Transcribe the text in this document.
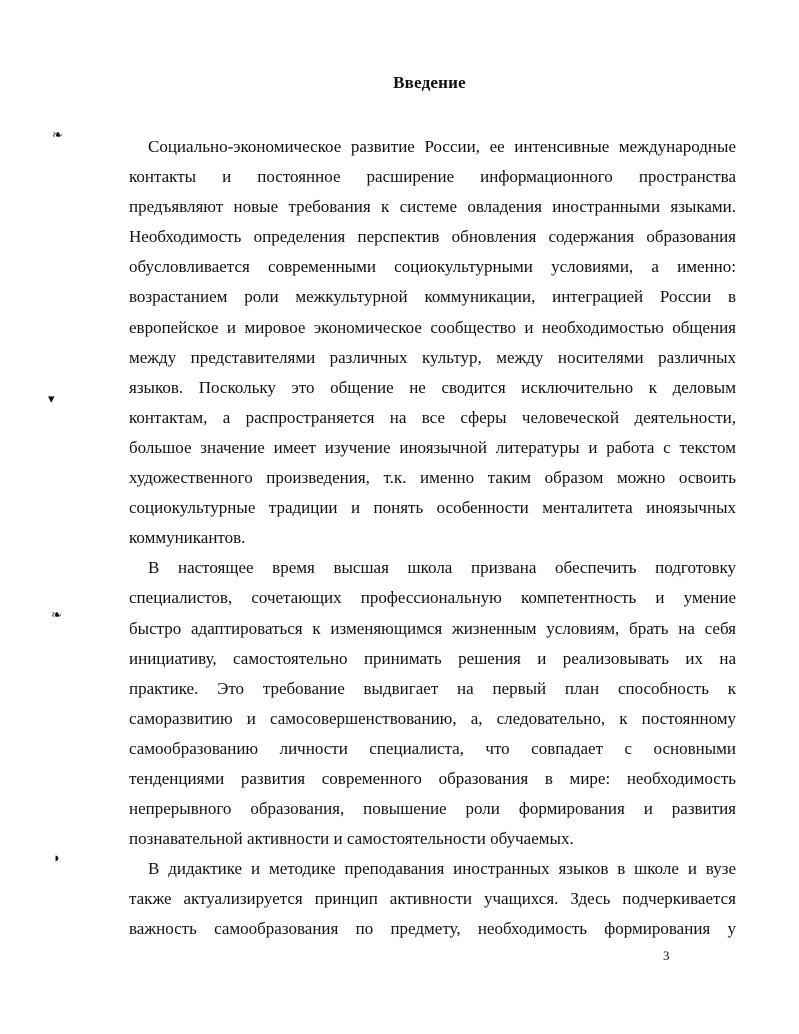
Введение
❧
▾
❧
◗

Социально-экономическое развитие России, ее интенсивные международные
контакты и постоянное расширение информационного пространства
предъявляют новые требования к системе овладения иностранными языками.
Необходимость определения перспектив обновления содержания образования
обусловливается современными социокультурными условиями, а именно:
возрастанием роли межкультурной коммуникации, интеграцией России в
европейское и мировое экономическое сообщество и необходимостью общения
между представителями различных культур, между носителями различных
языков. Поскольку это общение не сводится исключительно к деловым
контактам, а распространяется на все сферы человеческой деятельности,
большое значение имеет изучение иноязычной литературы и работа с текстом
художественного произведения, т.к. именно таким образом можно освоить
социокультурные традиции и понять особенности менталитета иноязычных
коммуникантов.

В настоящее время высшая школа призвана обеспечить подготовку
специалистов, сочетающих профессиональную компетентность и умение
быстро адаптироваться к изменяющимся жизненным условиям, брать на себя
инициативу, самостоятельно принимать решения и реализовывать их на
практике. Это требование выдвигает на первый план способность к
саморазвитию и самосовершенствованию, а, следовательно, к постоянному
самообразованию личности специалиста, что совпадает с основными
тенденциями развития современного образования в мире: необходимость
непрерывного образования, повышение роли формирования и развития
познавательной активности и самостоятельности обучаемых.

В дидактике и методике преподавания иностранных языков в школе и вузе
также актуализируется принцип активности учащихся. Здесь подчеркивается
важность самообразования по предмету, необходимость формирования у

3
